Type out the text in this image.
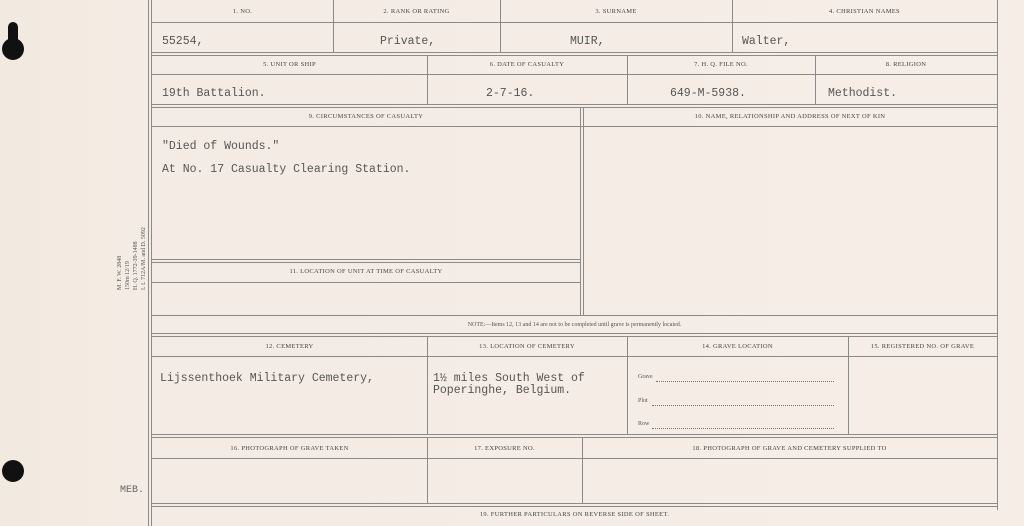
M. F. W. 2848 150m 12/19 H. Q. 1772-39-1488 I. I. 712A/M. and D. 5092
MEB.
1. NO.	2. RANK OR RATING	3. SURNAME	4. CHRISTIAN NAMES
55254,	Private,	MUIR,	Walter,
5. UNIT OR SHIP	6. DATE OF CASUALTY	7. H. Q. FILE NO.	8. RELIGION
19th Battalion.	2-7-16.	649-M-5938.	Methodist.
9. CIRCUMSTANCES OF CASUALTY	10. NAME, RELATIONSHIP AND ADDRESS OF NEXT OF KIN
"Died of Wounds."
At No. 17 Casualty Clearing Station.
11. LOCATION OF UNIT AT TIME OF CASUALTY
NOTE:—Items 12, 13 and 14 are not to be completed until grave is permanently located.
12. CEMETERY	13. LOCATION OF CEMETERY	14. GRAVE LOCATION	15. REGISTERED NO. OF GRAVE
Lijssenthoek Military Cemetery,	1½ miles South West of
Poperinghe, Belgium.
Grave
Plot
Row
16. PHOTOGRAPH OF GRAVE TAKEN	17. EXPOSURE NO.	18. PHOTOGRAPH OF GRAVE AND CEMETERY SUPPLIED TO
19. FURTHER PARTICULARS ON REVERSE SIDE OF SHEET.
